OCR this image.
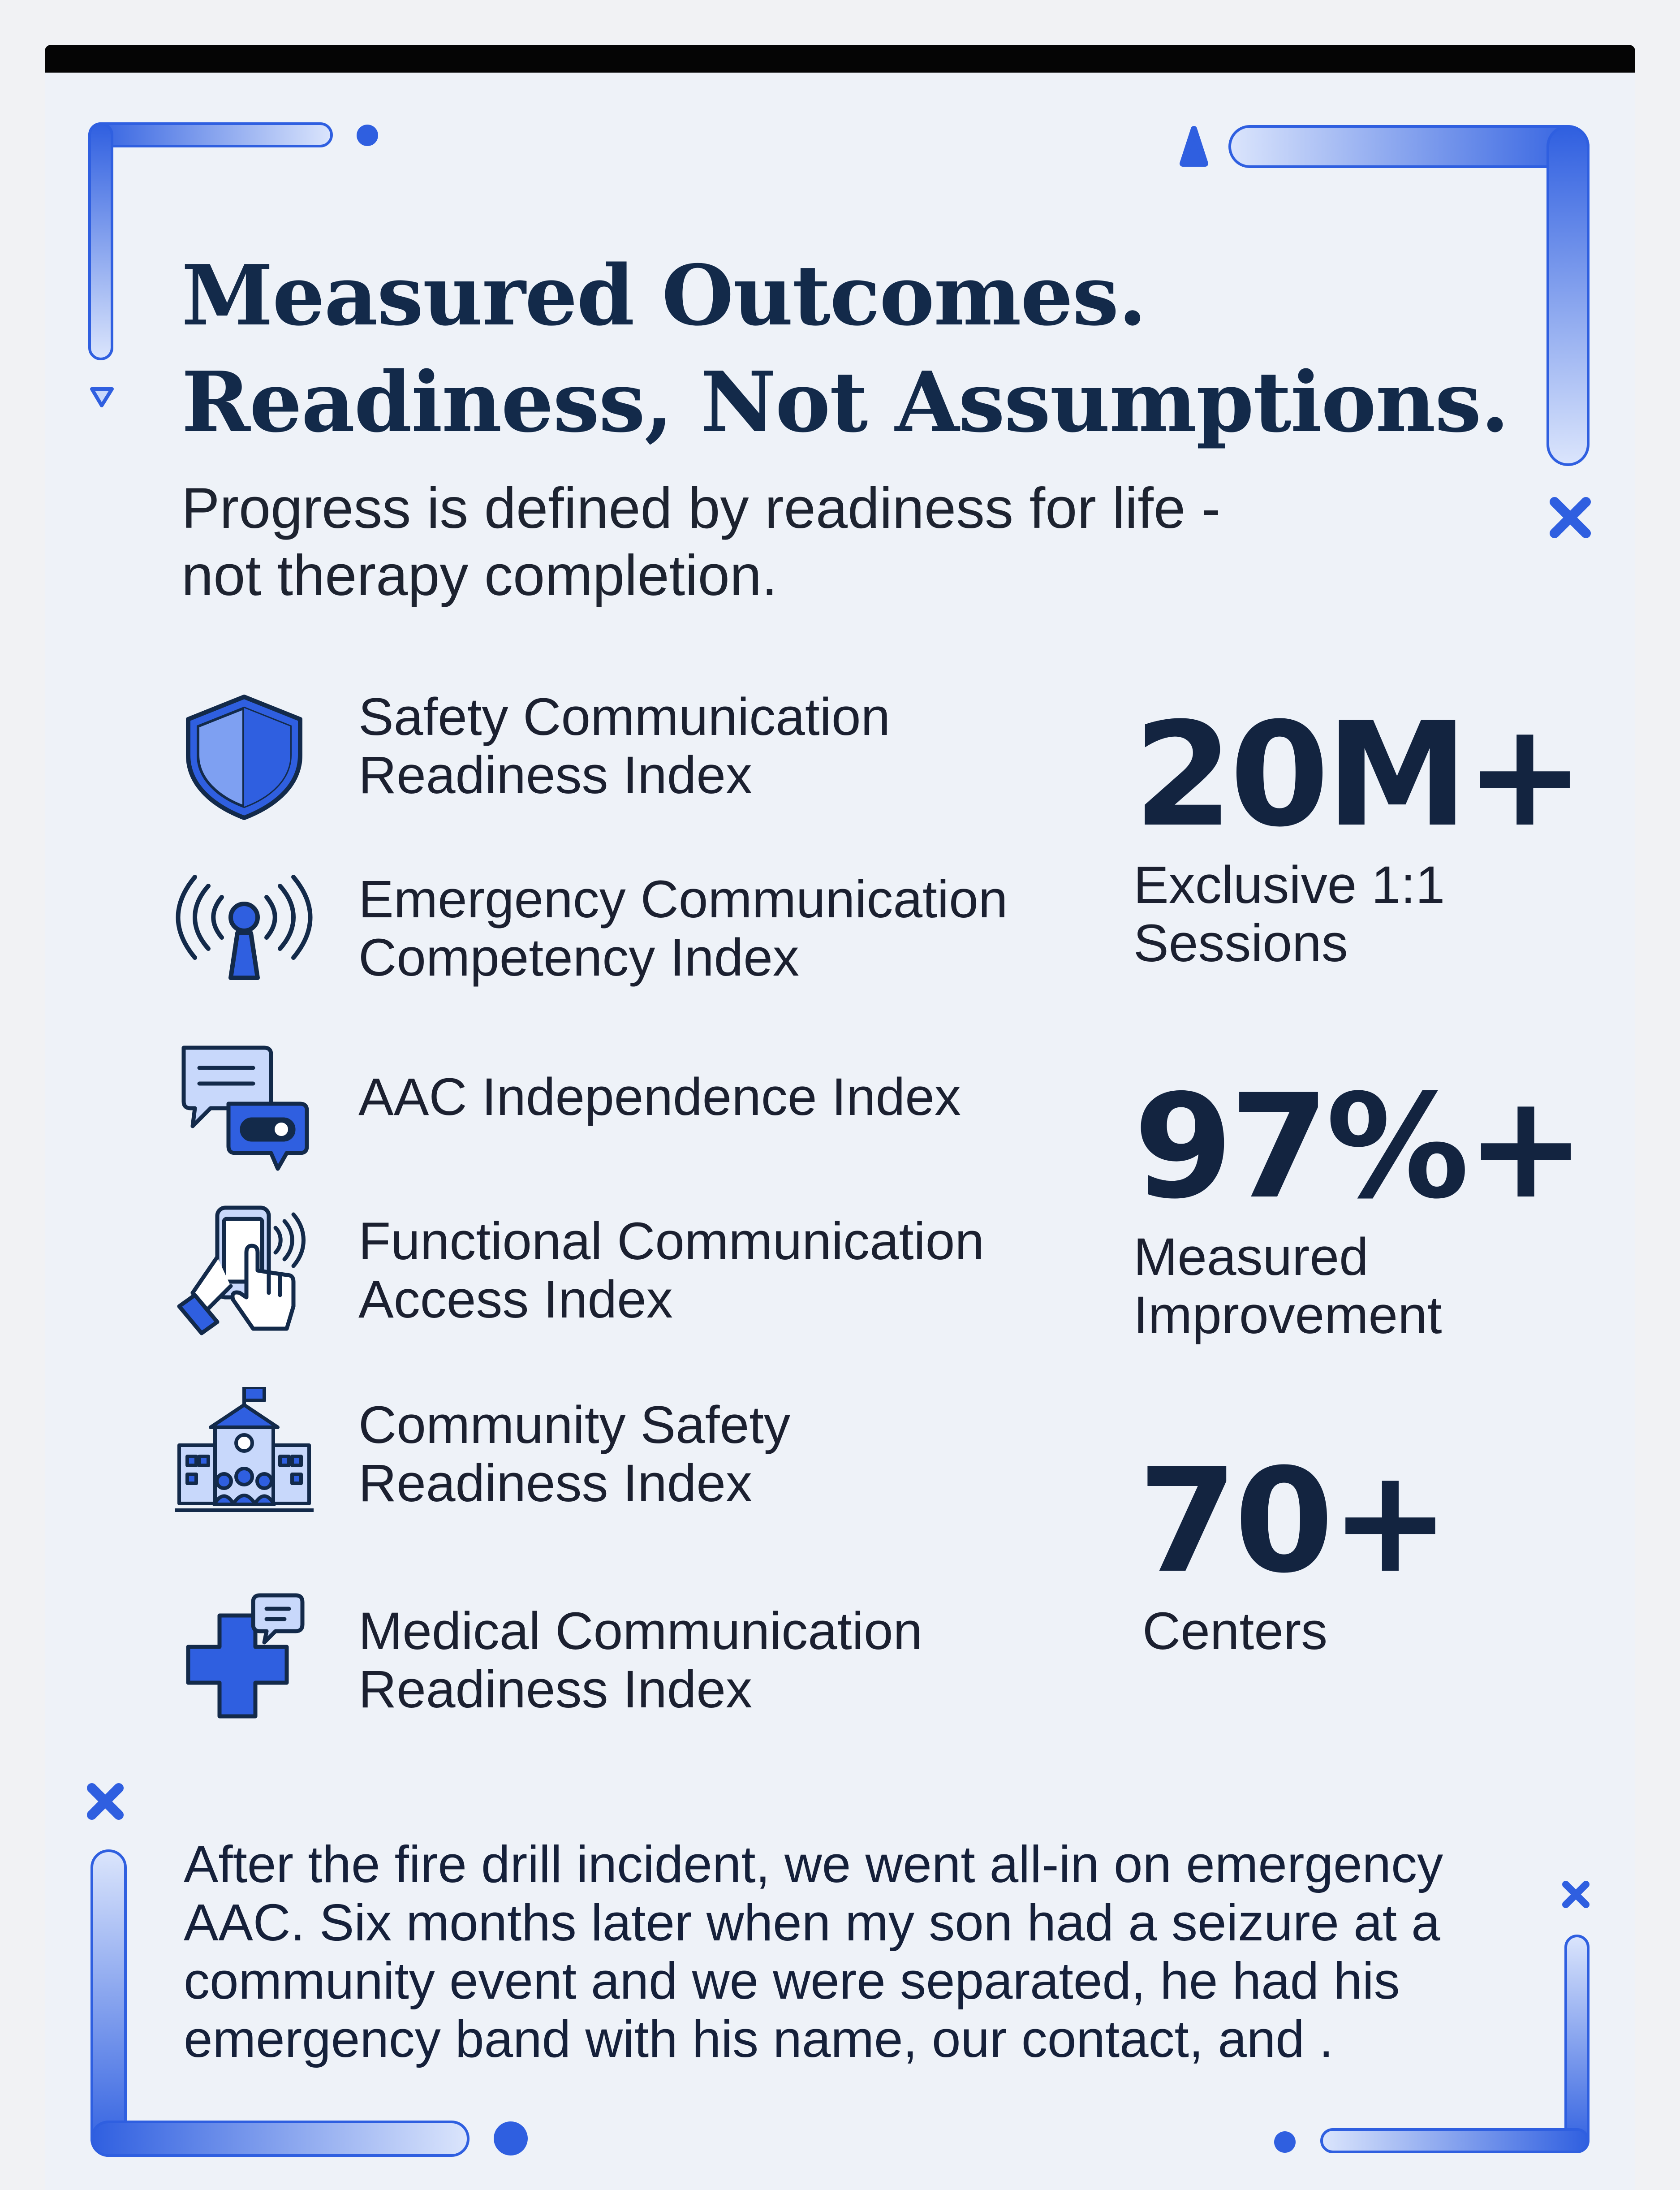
Measured Outcomes.
Readiness, Not Assumptions.
Progress is defined by readiness for life -
not therapy completion.
Safety Communication
Readiness Index
Emergency Communication
Competency Index
AAC Independence Index
Functional Communication
Access Index
Community Safety
Readiness Index
Medical Communication
Readiness Index
20M+
Exclusive 1:1
Sessions
97%+
Measured
Improvement
70+
Centers
After the fire drill incident, we went all-in on emergency
AAC. Six months later when my son had a seizure at a
community event and we were separated, he had his
emergency band with his name, our contact, and .
